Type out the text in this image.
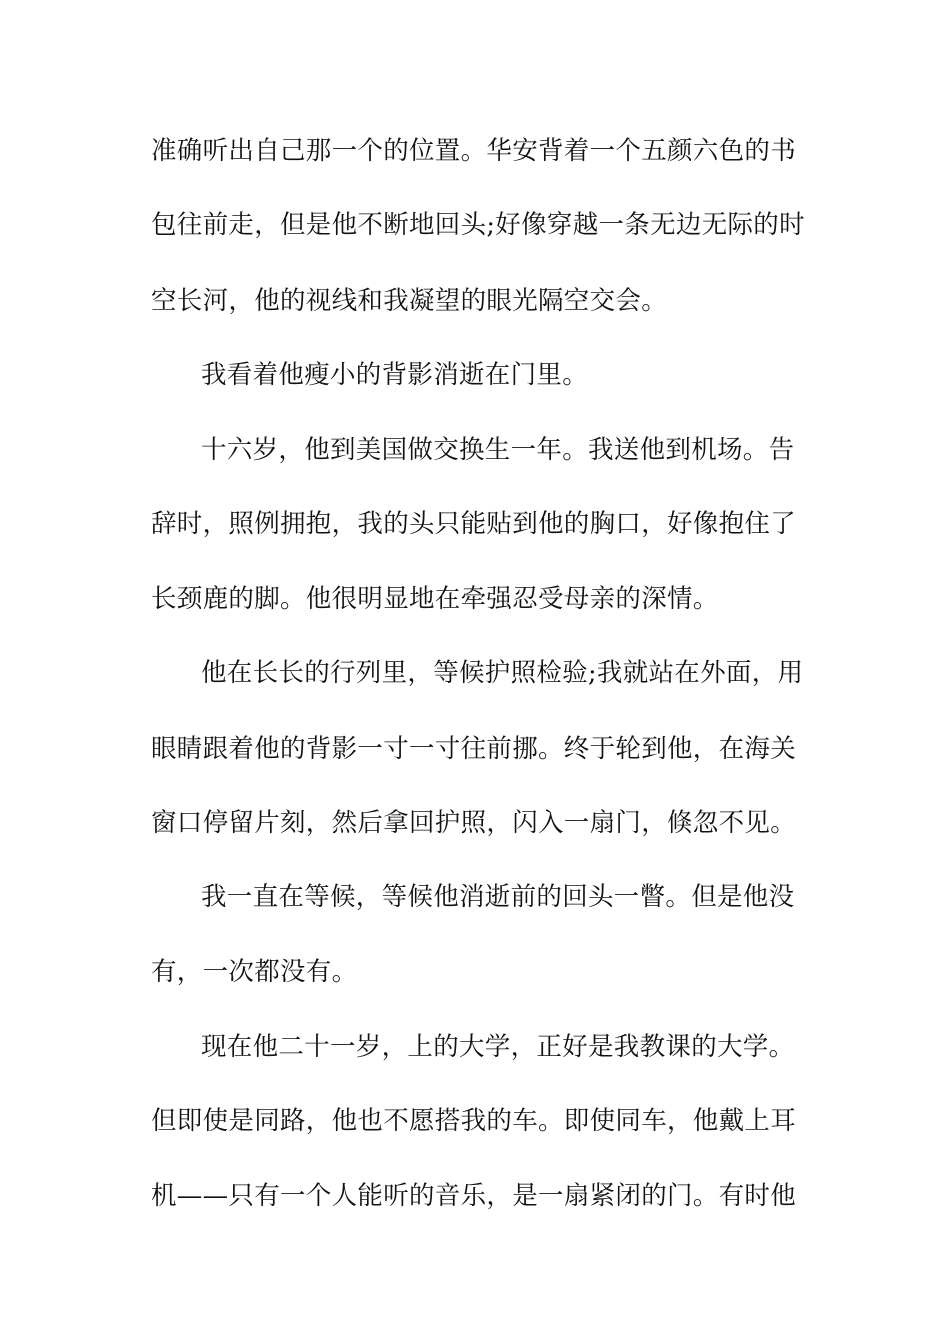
准确听出自己那一个的位置。华安背着一个五颜六色的书
包往前走，但是他不断地回头;好像穿越一条无边无际的时
空长河，他的视线和我凝望的眼光隔空交会。
我看着他瘦小的背影消逝在门里。
十六岁，他到美国做交换生一年。我送他到机场。告
辞时，照例拥抱，我的头只能贴到他的胸口，好像抱住了
长颈鹿的脚。他很明显地在牵强忍受母亲的深情。
他在长长的行列里，等候护照检验;我就站在外面，用
眼睛跟着他的背影一寸一寸往前挪。终于轮到他，在海关
窗口停留片刻，然后拿回护照，闪入一扇门，倏忽不见。
我一直在等候，等候他消逝前的回头一瞥。但是他没
有，一次都没有。
现在他二十一岁，上的大学，正好是我教课的大学。
但即使是同路，他也不愿搭我的车。即使同车，他戴上耳
机——只有一个人能听的音乐，是一扇紧闭的门。有时他
